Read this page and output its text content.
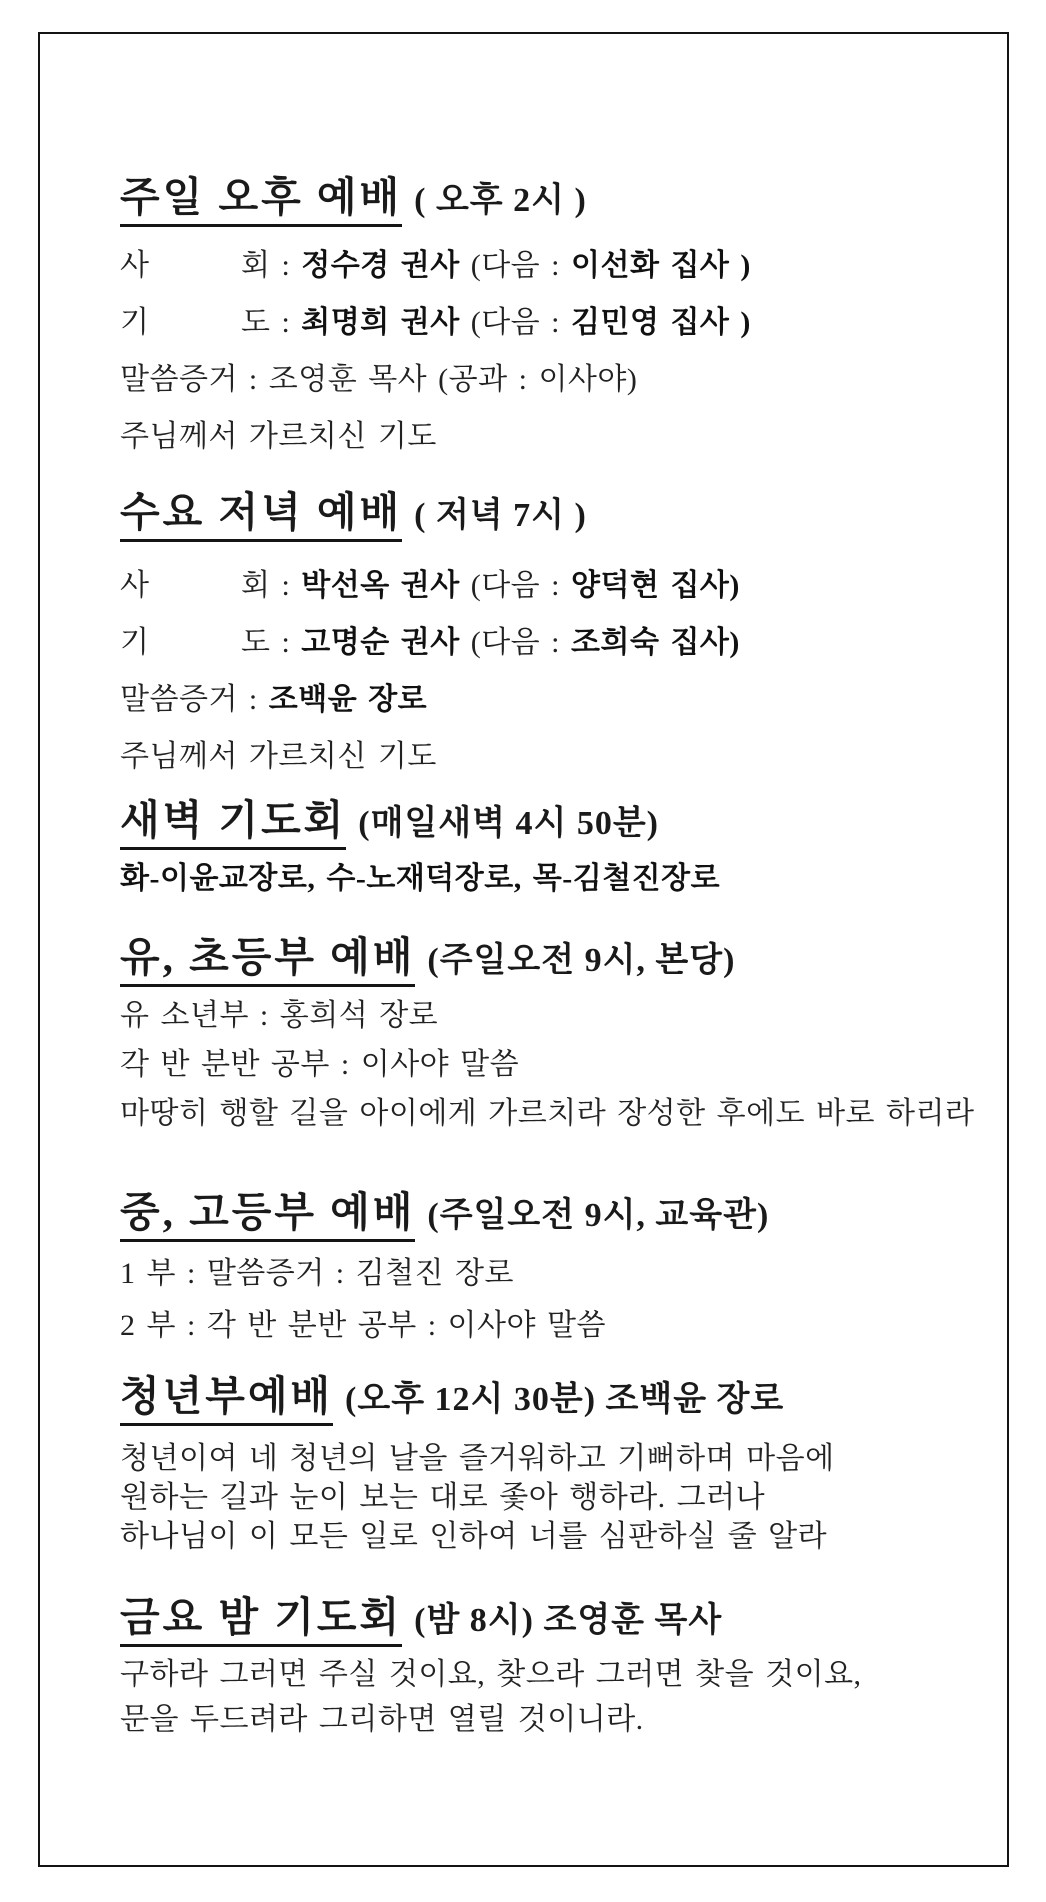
주일 오후 예배 ( 오후 2시 )

사　　　회 : 정수경 권사 (다음 : 이선화 집사 )

기　　　도 : 최명희 권사 (다음 : 김민영 집사 )

말씀증거 : 조영훈 목사 (공과 : 이사야)

주님께서 가르치신 기도

수요 저녁 예배 ( 저녁 7시 )

사　　　회 : 박선옥 권사 (다음 : 양덕현 집사)

기　　　도 : 고명순 권사 (다음 : 조희숙 집사)

말씀증거 : 조백윤 장로

주님께서 가르치신 기도

새벽 기도회 (매일새벽 4시 50분)

화-이윤교장로, 수-노재덕장로, 목-김철진장로

유, 초등부 예배 (주일오전 9시, 본당)

유 소년부 : 홍희석 장로

각 반 분반 공부 : 이사야 말씀

마땅히 행할 길을 아이에게 가르치라 장성한 후에도 바로 하리라

중, 고등부 예배 (주일오전 9시, 교육관)

1 부 : 말씀증거 : 김철진 장로

2 부 : 각 반 분반 공부 : 이사야 말씀

청년부예배 (오후 12시 30분) 조백윤 장로

청년이여 네 청년의 날을 즐거워하고 기뻐하며 마음에

원하는 길과 눈이 보는 대로 좇아 행하라. 그러나

하나님이 이 모든 일로 인하여 너를 심판하실 줄 알라

금요 밤 기도회 (밤 8시) 조영훈 목사

구하라 그러면 주실 것이요, 찾으라 그러면 찾을 것이요,

문을 두드려라 그리하면 열릴 것이니라.
